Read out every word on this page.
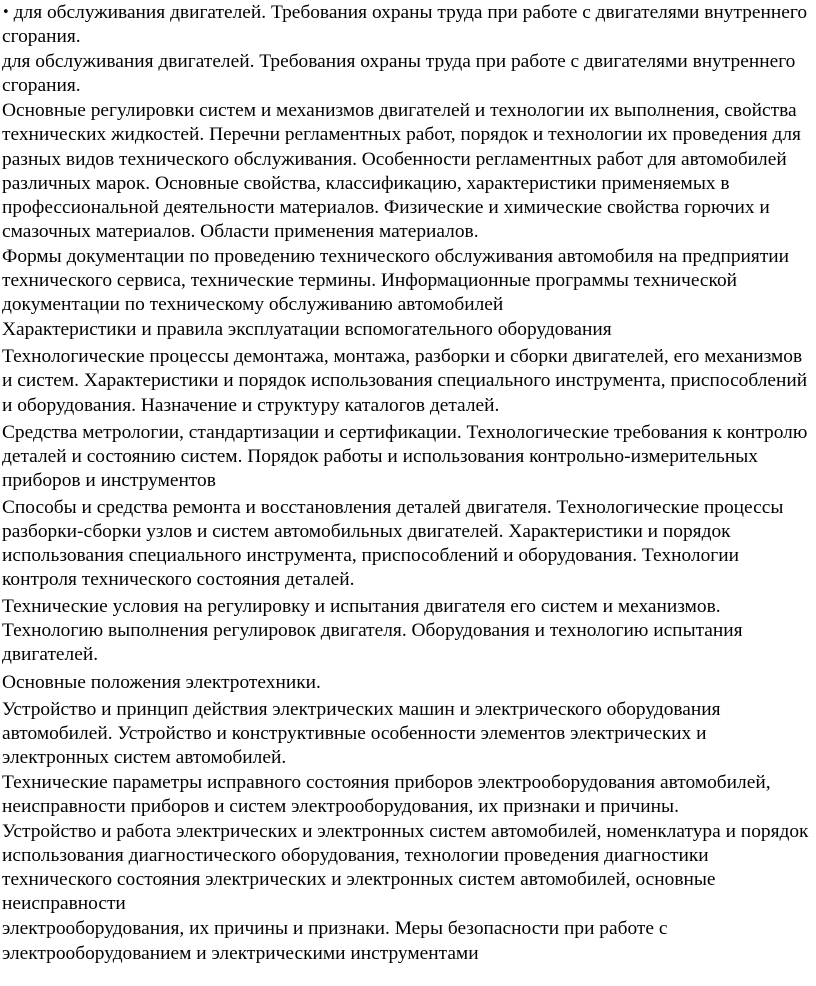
• для обслуживания двигателей. Требования охраны труда при работе с двигателями внутреннего сгорания.

для обслуживания двигателей. Требования охраны труда при работе с двигателями внутреннего сгорания.

Основные регулировки систем и механизмов двигателей и технологии их выполнения, свойства технических жидкостей. Перечни регламентных работ, порядок и технологии их проведения для разных видов технического обслуживания. Особенности регламентных работ для автомобилей различных марок. Основные свойства, классификацию, характеристики применяемых в профессиональной деятельности материалов. Физические и химические свойства горючих и смазочных материалов. Области применения материалов.

Формы документации по проведению технического обслуживания автомобиля на предприятии технического сервиса, технические термины. Информационные программы технической документации по техническому обслуживанию автомобилей

Характеристики и правила эксплуатации вспомогательного оборудования

Технологические процессы демонтажа, монтажа, разборки и сборки двигателей, его механизмов и систем. Характеристики и порядок использования специального инструмента, приспособлений и оборудования. Назначение и структуру каталогов деталей.

Средства метрологии, стандартизации и сертификации. Технологические требования к контролю деталей и состоянию систем. Порядок работы и использования контрольно-измерительных приборов и инструментов

Способы и средства ремонта и восстановления деталей двигателя. Технологические процессы разборки-сборки узлов и систем автомобильных двигателей. Характеристики и порядок использования специального инструмента, приспособлений и оборудования. Технологии контроля технического состояния деталей.

Технические условия на регулировку и испытания двигателя его систем и механизмов. Технологию выполнения регулировок двигателя. Оборудования и технологию испытания двигателей.

Основные положения электротехники.

Устройство и принцип действия электрических машин и электрического оборудования автомобилей. Устройство и конструктивные особенности элементов электрических и электронных систем автомобилей.

Технические параметры исправного состояния приборов электрооборудования автомобилей, неисправности приборов и систем электрооборудования, их признаки и причины.

Устройство и работа электрических и электронных систем автомобилей, номенклатура и порядок использования диагностического оборудования, технологии проведения диагностики технического состояния электрических и электронных систем автомобилей, основные неисправности

электрооборудования, их причины и признаки. Меры безопасности при работе с электрооборудованием и электрическими инструментами
